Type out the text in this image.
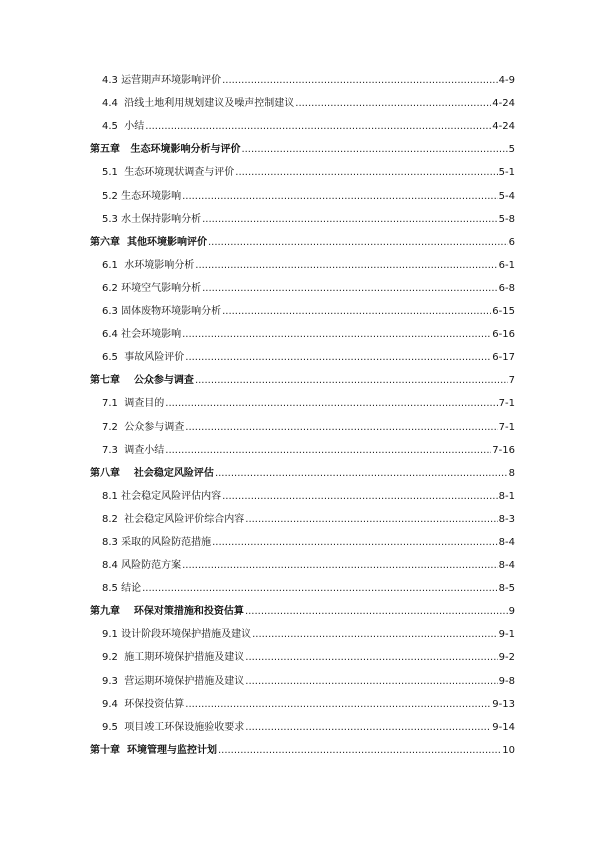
4.3 运营期声环境影响评价 .....	4-9
4.4  沿线土地利用规划建议及噪声控制建议 .....	4-24
4.5  小结 .....	4-24
第五章   生态环境影响分析与评价 .....	5
5.1  生态环境现状调查与评价 .....	5-1
5.2 生态环境影响 .....	5-4
5.3 水土保持影响分析 .....	5-8
第六章  其他环境影响评价 .....	6
6.1  水环境影响分析 .....	6-1
6.2 环境空气影响分析 .....	6-8
6.3 固体废物环境影响分析 .....	6-15
6.4 社会环境影响 .....	6-16
6.5  事故风险评价 .....	6-17
第七章    公众参与调查 .....	7
7.1  调查目的 .....	7-1
7.2  公众参与调查 .....	7-1
7.3  调查小结 .....	7-16
第八章    社会稳定风险评估 .....	8
8.1 社会稳定风险评估内容 .....	8-1
8.2  社会稳定风险评价综合内容 .....	8-3
8.3 采取的风险防范措施 .....	8-4
8.4 风险防范方案 .....	8-4
8.5 结论 .....	8-5
第九章    环保对策措施和投资估算 .....	9
9.1 设计阶段环境保护措施及建议 .....	9-1
9.2  施工期环境保护措施及建议 .....	9-2
9.3  营运期环境保护措施及建议 .....	9-8
9.4  环保投资估算 .....	9-13
9.5  项目竣工环保设施验收要求 .....	9-14
第十章  环境管理与监控计划 .....	10
